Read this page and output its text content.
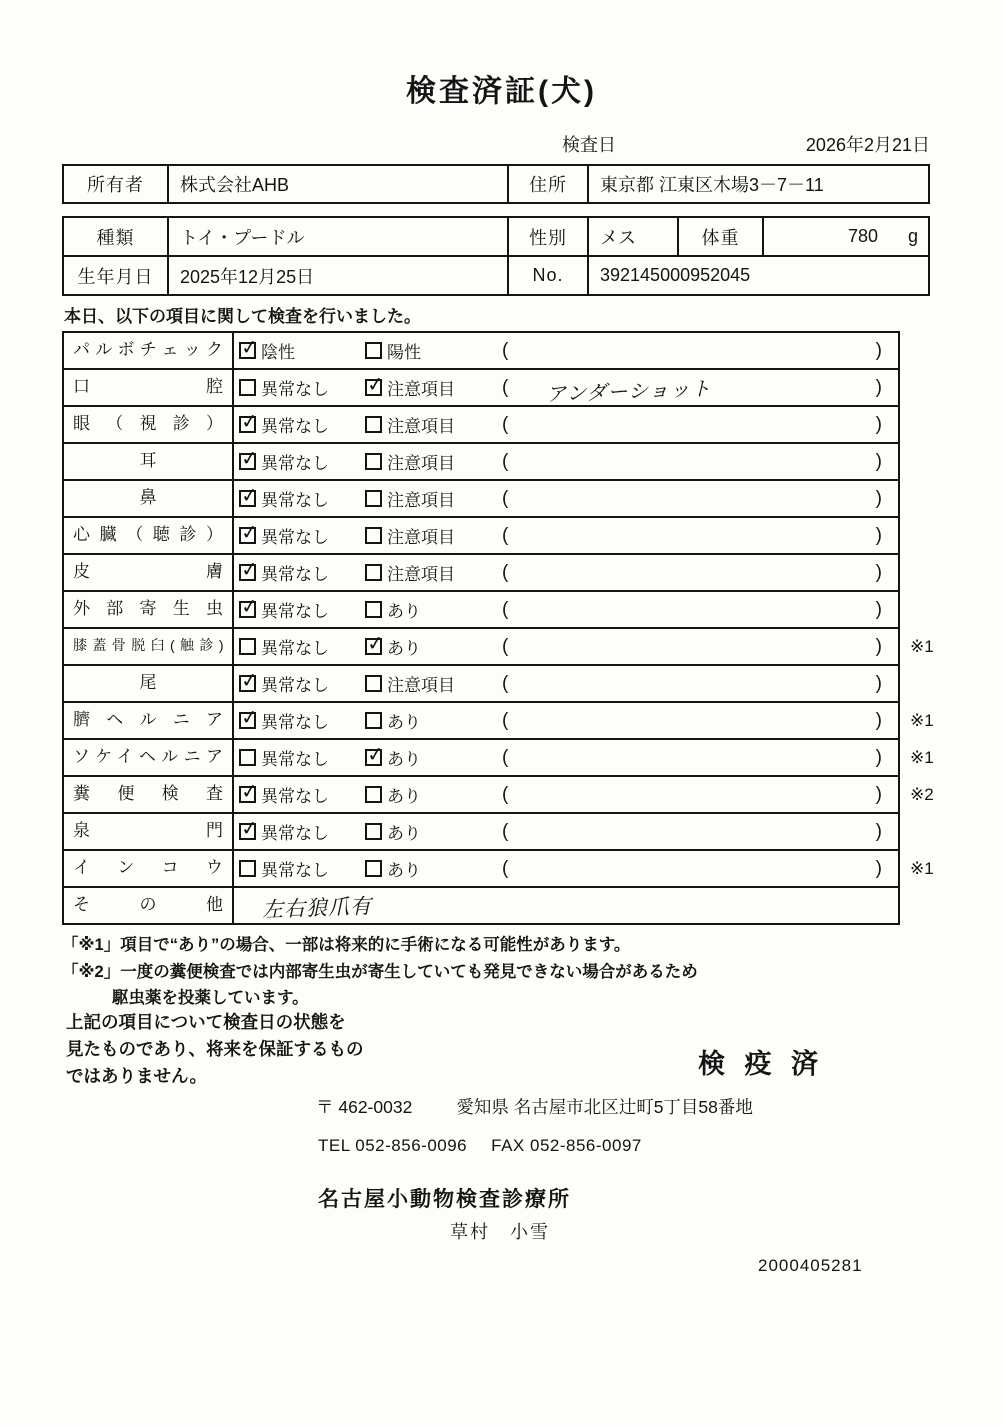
検査済証(犬)
検査日	2026年2月21日
所有者	株式会社AHB	住所	東京都 江東区木場3－7－11
種類	トイ・プードル	性別	メス	体重	780 g
生年月日	2025年12月25日	No.	392145000952045
本日、以下の項目に関して検査を行いました。
パルボチェック ✓	陰性	陽性	(	)
口腔	異常なし ✓	注意項目 (	アンダーショット	)
眼（視診） ✓	異常なし	注意項目 (	)
耳 ✓	異常なし	注意項目 (	)
鼻 ✓	異常なし	注意項目 (	)
心臓（聴診） ✓	異常なし	注意項目 (	)
皮膚 ✓	異常なし	注意項目 (	)
外部寄生虫 ✓	異常なし	あり	(	)
膝蓋骨脱臼(触診)	異常なし ✓	あり	(	) ※1
尾 ✓	異常なし	注意項目 (	)
臍ヘルニア ✓	異常なし	あり	(	) ※1
ソケイヘルニア	異常なし ✓	あり	(	) ※1
糞便検査 ✓	異常なし	あり	(	) ※2
泉門 ✓	異常なし	あり	(	)
インコウ	異常なし	あり	(	) ※1
その他	左右狼爪有
「※1」項目で“あり”の場合、一部は将来的に手術になる可能性があります。
「※2」一度の糞便検査では内部寄生虫が寄生していても発見できない場合があるため
駆虫薬を投薬しています。
上記の項目について検査日の状態を
見たものであり、将来を保証するもの
ではありません。	検 疫 済
〒 462-0032	愛知県 名古屋市北区辻町5丁目58番地
TEL 052-856-0096 FAX 052-856-0097
名古屋小動物検査診療所
草村　小雪
2000405281
